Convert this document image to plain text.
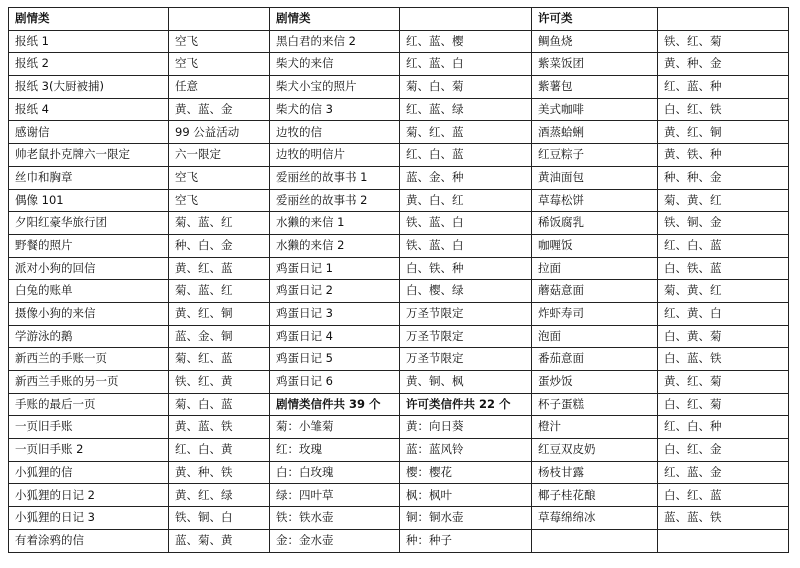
剧情类		剧情类		许可类	
报纸 1	空飞	黑白君的来信 2	红、蓝、樱	鲷鱼烧	铁、红、菊
报纸 2	空飞	柴犬的来信	红、蓝、白	紫菜饭团	黄、种、金
报纸 3(大厨被捕)	任意	柴犬小宝的照片	菊、白、菊	紫薯包	红、蓝、种
报纸 4	黄、蓝、金	柴犬的信 3	红、蓝、绿	美式咖啡	白、红、铁
感谢信	99 公益活动	边牧的信	菊、红、蓝	酒蒸蛤蜊	黄、红、铜
帅老鼠扑克牌六一限定	六一限定	边牧的明信片	红、白、蓝	红豆粽子	黄、铁、种
丝巾和胸章	空飞	爱丽丝的故事书 1	蓝、金、种	黄油面包	种、种、金
偶像 101	空飞	爱丽丝的故事书 2	黄、白、红	草莓松饼	菊、黄、红
夕阳红豪华旅行团	菊、蓝、红	水獭的来信 1	铁、蓝、白	稀饭腐乳	铁、铜、金
野餐的照片	种、白、金	水獭的来信 2	铁、蓝、白	咖喱饭	红、白、蓝
派对小狗的回信	黄、红、蓝	鸡蛋日记 1	白、铁、种	拉面	白、铁、蓝
白兔的账单	菊、蓝、红	鸡蛋日记 2	白、樱、绿	蘑菇意面	菊、黄、红
摄像小狗的来信	黄、红、铜	鸡蛋日记 3	万圣节限定	炸虾寿司	红、黄、白
学游泳的鹅	蓝、金、铜	鸡蛋日记 4	万圣节限定	泡面	白、黄、菊
新西兰的手账一页	菊、红、蓝	鸡蛋日记 5	万圣节限定	番茄意面	白、蓝、铁
新西兰手账的另一页	铁、红、黄	鸡蛋日记 6	黄、铜、枫	蛋炒饭	黄、红、菊
手账的最后一页	菊、白、蓝	剧情类信件共 39 个	许可类信件共 22 个	杯子蛋糕	白、红、菊
一页旧手账	黄、蓝、铁	菊：小雏菊	黄：向日葵	橙汁	红、白、种
一页旧手账 2	红、白、黄	红：玫瑰	蓝：蓝风铃	红豆双皮奶	白、红、金
小狐狸的信	黄、种、铁	白：白玫瑰	樱：樱花	杨枝甘露	红、蓝、金
小狐狸的日记 2	黄、红、绿	绿：四叶草	枫：枫叶	椰子桂花酿	白、红、蓝
小狐狸的日记 3	铁、铜、白	铁：铁水壶	铜：铜水壶	草莓绵绵冰	蓝、蓝、铁
有着涂鸦的信	蓝、菊、黄	金：金水壶	种：种子		
